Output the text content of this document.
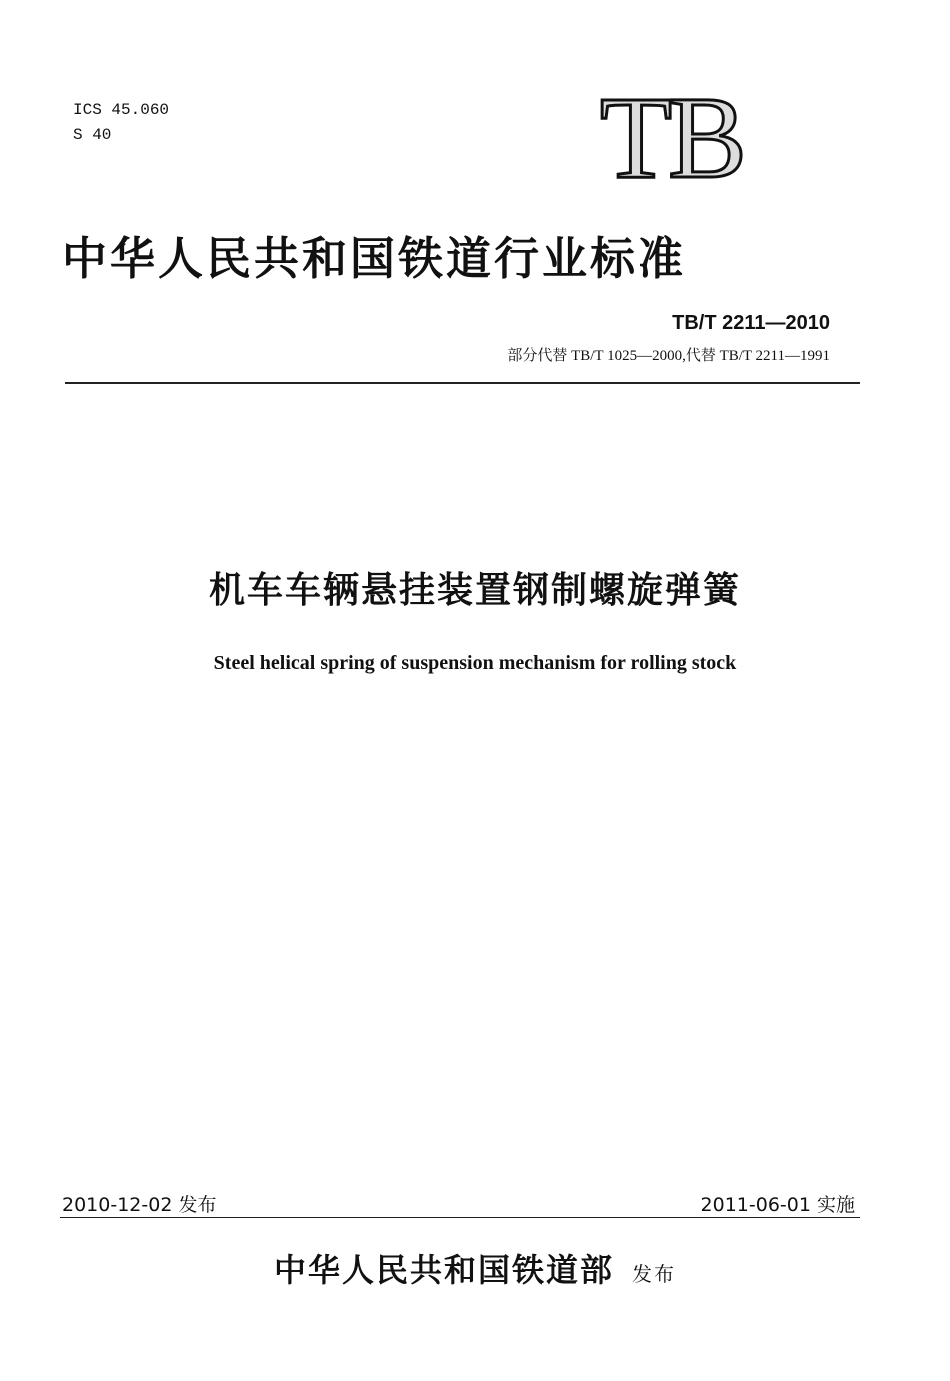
ICS 45.060
S 40	TB
中华人民共和国铁道行业标准
TB/T 2211—2010
部分代替 TB/T 1025—2000,代替 TB/T 2211—1991
机车车辆悬挂装置钢制螺旋弹簧
Steel helical spring of suspension mechanism for rolling stock
2010-12-02 发布	2011-06-01 实施
中华人民共和国铁道部 发布
